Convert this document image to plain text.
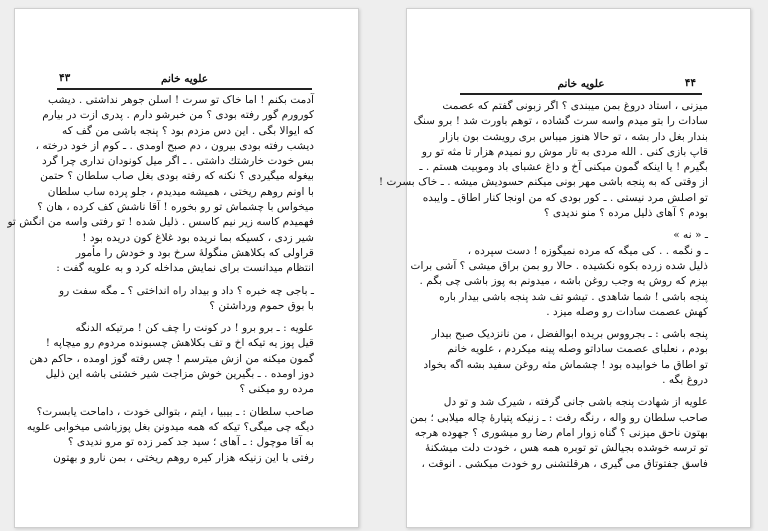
علویه خانم
۴۳
آدمت بکنم ! اما خاک تو سرت ! اسلن جوهر نداشتی . دیشب
کورورم گور رفته بودی ؟ من خبرشو دارم . پدری ازت در بیارم
که ایوالا بگی . این دس مزدم بود ؟ پنجه باشی من گف که
دیشب رفته بودی بیرون ، دم صبح اومدی . ـ کوم از خود درخته ،
بس خودت خارشتك داشتی . ـ اگر میل کونودان نداری چرا گرد
بیغوله میگیردی ؟ نکنه که رفته بودی بغل صاب سلطان ؟ حتمن
با اونم روهم ریختی ، همیشه میدیدم ، جلو پرده ساب سلطان
میخواس با چشماش تو رو بخوره ! آقا ناشش کف کرده ، هان ؟
فهمیدم کاسه زیر نیم کاسس . ذلیل شده ! تو رفتی واسه من انگش تو
شیر زدی ، کسیکه بما نریده بود غلاغ کون دریده بود !
قراولی که بکلاهش منگولهٔ سرخ بود و خودش را مأمور
انتظام میدانست برای نمایش مداخله کرد و به علویه گفت :
ـ باجی چه خبره ؟ داد و بیداد راه انداختی ؟ ـ مگه سفت رو
با بوق حموم ورداشتن ؟
علویه : ـ برو برو ! در کونت را چف کن ! مرتیکه الدنگه
قیل پوز یه تیکه اخ و تف بکلاهش چسبونده مردوم رو میچاپه !
گمون میکنه من ازش میترسم ! چس رفته گوز اومده ، حاکم دهن
دوز اومده . ـ بگیرین خوش مزاجت شیر خشتی باشه این ذلیل
مرده رو میکنی ؟
صاحب سلطان : ـ بیبیا ، ایتم ، بتوالی خودت ، داماحت یابسرت؟
دیگه چی میگی؟ تیکه که همه میدونن بغل پوزباشی میخوابی علویه
به آقا موچول : ـ آهای ؛ سید جد کمر زده تو مرو ندیدی ؟
رفتی با این زنیکه هزار کیره روهم ریختی ، بمن نارو و بهتون
علویه خانم	۴۴
میزنی ، استاد دروغ بمن میبندی ؟ اگر زبونی گفتم که عصمت
سادات را بتو میدم واسه سرت گشاده ، توهم باورت شد ! برو سنگ
بندار بغل دار بشه ، تو حالا هنوز میباس بری رویشت بون بازار
قاپ بازی کنی . الله مردی به تار موش رو نمیدم هزار تا مثه تو رو
بگیرم ! یا اینکه گمون میکنی آخ و داغ عشبای باد وموبیت هستم . ـ
از وقتی که به پنجه باشی مهر بونی میکنم حسودیش میشه . ـ خاک بسرت !
تو اصلش مرد نیستی . ـ کور بودی که من اونجا کنار اطاق ـ وایبده
بودم ؟ آهای ذلیل مرده ؟ منو ندیدی ؟
ـ « نه »
ـ و نگمه . . کی میگه که مرده نمیگوزه ! دست سپرده ،
ذلیل شده زرده بکوه نکشیده . حالا رو بمن براق میشی ؟ آشی برات
بپزم که روش یه وجب روغن باشه ، میدونم به پوز باشی چی بگم .
پنجه باشی ! شما شاهدی . تیشو تف شد پنجه باشی بیدار باره
کهش عصمت سادات رو وصله میزد .
پنجه باشی : ـ بجرووس بریده ابوالفضل ، من نانزدیک صبح بیدار
بودم ، نعلبای عصمت ساداتو وصله پینه میکردم ، علویه خانم
تو اطاق ما خوابیده بود ! چشماش مثه روغن سفید بشه اگه بخواد
دروغ بگه .
علویه از شهادت پنجه باشی جانی گرفته ، شیرک شد و تو دل
صاحب سلطان رو واله ، رنگه رفت : ـ زنیکه پتیارهٔ چاله میلابی ؛ بمن
بهتون ناحق میزنی ؟ گناه زوار امام رضا رو میشوری ؟ جهوده هرجه
تو ترسه خوشده بجیالش تو توبره همه هس ، خودت دلت میشکنهٔ
فاسق جفتوتاق می گیری ، هرقلتشنی رو خودت میکشی . انوقت ،
